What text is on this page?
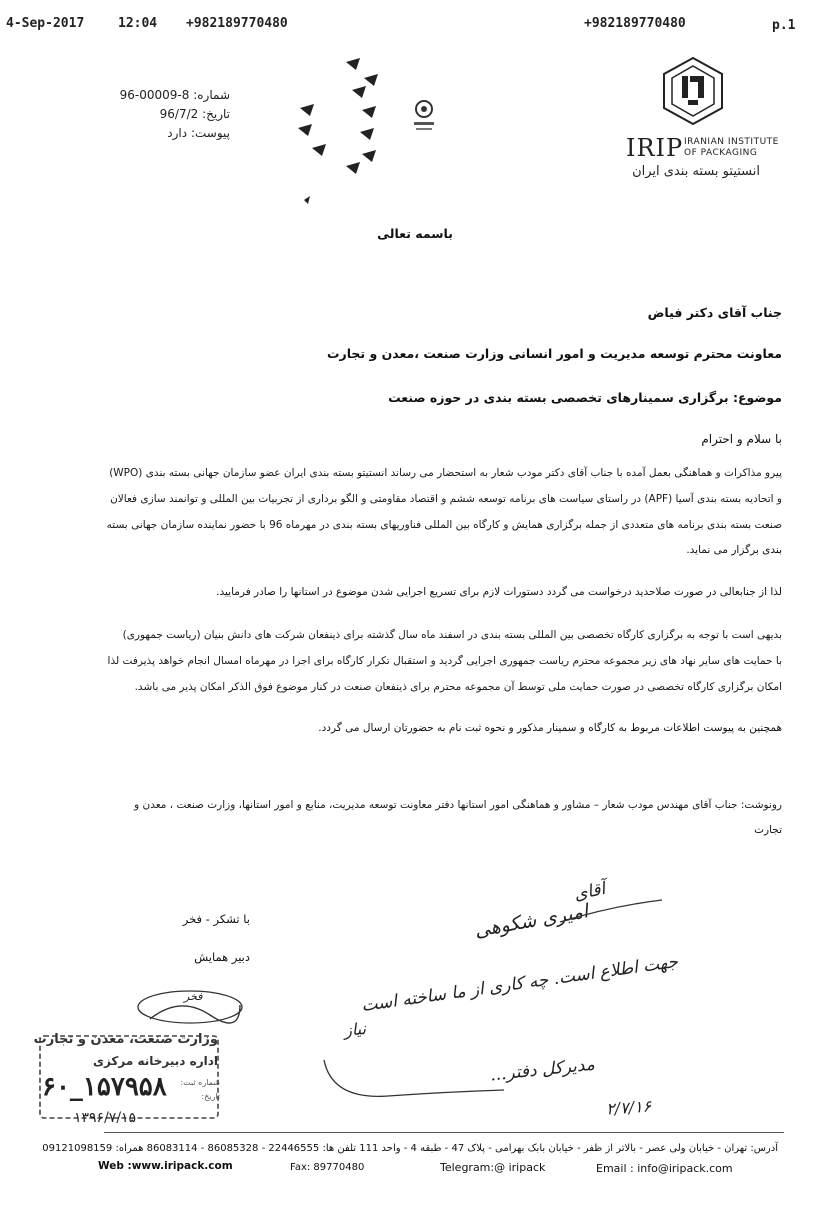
4-Sep-2017	12:04 +982189770480	+982189770480	p.1
شماره: 96-00009-8
تاریخ: 96/7/2
پیوست: دارد
IRIP IRANIAN INSTITUTE
OF PACKAGING
انستیتو بسته بندی ایران
باسمه تعالی
جناب آقای دکتر فیاض
معاونت محترم توسعه مدیریت و امور انسانی وزارت صنعت ،معدن و تجارت
موضوع: برگزاری سمینارهای تخصصی بسته بندی در حوزه صنعت
با سلام و احترام
پیرو مذاکرات و هماهنگی بعمل آمده با جناب آقای دکتر مودب شعار به استحضار می رساند انستیتو بسته بندی ایران عضو سازمان جهانی بسته بندی (WPO)
و اتحادیه بسته بندی آسیا (APF) در راستای سیاست های برنامه توسعه ششم و اقتصاد مقاومتی و الگو برداری از تجربیات بین المللی و توانمند سازی فعالان
صنعت بسته بندی برنامه های متعددی از جمله برگزاری همایش و کارگاه بین المللی فناوریهای بسته بندی در مهرماه 96 با حضور نماینده سازمان جهانی بسته
بندی برگزار می نماید.
لذا از جنابعالی در صورت صلاحدید درخواست می گردد دستورات لازم برای تسریع اجرایی شدن موضوع در استانها را صادر فرمایید.
بدیهی است با توجه به برگزاری کارگاه تخصصی بین المللی بسته بندی در اسفند ماه سال گذشته برای ذینفعان شرکت های دانش بنیان (ریاست جمهوری)
با حمایت های سایر نهاد های زیر مجموعه محترم ریاست جمهوری اجرایی گردید و استقبال تکرار کارگاه برای اجرا در مهرماه امسال انجام خواهد پذیرفت لذا
امکان برگزاری کارگاه تخصصی در صورت حمایت ملی توسط آن مجموعه محترم برای ذینفعان صنعت در کنار موضوع فوق الذکر امکان پذیر می باشد.
همچنین به پیوست اطلاعات مربوط به کارگاه و سمینار مذکور و نحوه ثبت نام به حضورتان ارسال می گردد.
رونوشت: جناب آقای مهندس مودب شعار – مشاور و هماهنگی امور استانها دفتر معاونت توسعه مدیریت، منابع و امور استانها، وزارت صنعت ، معدن و
تجارت
با تشکر - فخر
دبیر همایش
فخر
وزارت صنعت، معدن و تجارت
اداره دبیرخانه مرکزی
شماره ثبت:
تاریخ:
۶۰_۱۵۷۹۵۸
۱۳۹۶/۷/۱۵
آقای
امیری شکوهی
جهت اطلاع است. چه کاری از ما ساخته است
نیاز
مدیرکل دفتر...
۲/۷/۱۶
آدرس: تهران - خیابان ولی عصر - بالاتر از ظفر - خیابان بابک بهرامی - پلاک 47 - طبقه 4 - واحد 111 تلفن ها: 22446555 - 86085328 - 86083114 همراه: 09121098159
Web :www.iripack.com	Fax: 89770480	Telegram:@ iripack	Email : info@iripack.com
